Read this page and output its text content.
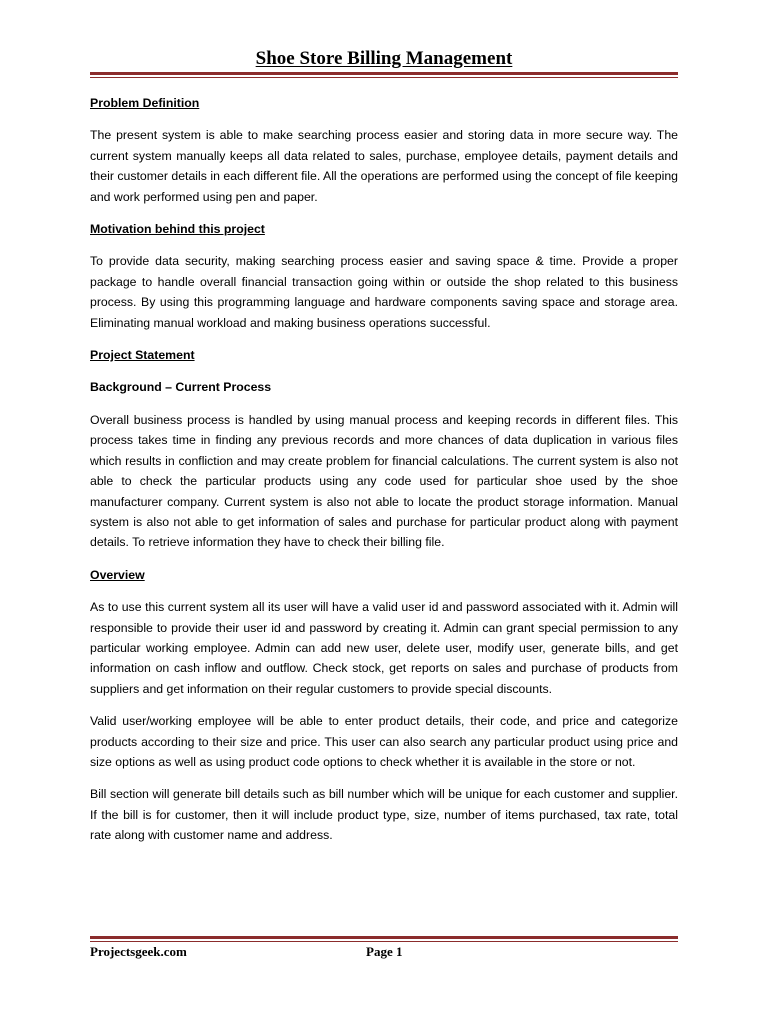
Shoe Store Billing Management

Problem Definition

The present system is able to make searching process easier and storing data in more secure way. The current system manually keeps all data related to sales, purchase, employee details, payment details and their customer details in each different file. All the operations are performed using the concept of file keeping and work performed using pen and paper.

Motivation behind this project

To provide data security, making searching process easier and saving space & time. Provide a proper package to handle overall financial transaction going within or outside the shop related to this business process. By using this programming language and hardware components saving space and storage area. Eliminating manual workload and making business operations successful.

Project Statement

Background – Current Process

Overall business process is handled by using manual process and keeping records in different files. This process takes time in finding any previous records and more chances of data duplication in various files which results in confliction and may create problem for financial calculations. The current system is also not able to check the particular products using any code used for particular shoe used by the shoe manufacturer company. Current system is also not able to locate the product storage information. Manual system is also not able to get information of sales and purchase for particular product along with payment details. To retrieve information they have to check their billing file.

Overview

As to use this current system all its user will have a valid user id and password associated with it. Admin will responsible to provide their user id and password by creating it. Admin can grant special permission to any particular working employee. Admin can add new user, delete user, modify user, generate bills, and get information on cash inflow and outflow. Check stock, get reports on sales and purchase of products from suppliers and get information on their regular customers to provide special discounts.

Valid user/working employee will be able to enter product details, their code, and price and categorize products according to their size and price. This user can also search any particular product using price and size options as well as using product code options to check whether it is available in the store or not.

Bill section will generate bill details such as bill number which will be unique for each customer and supplier. If the bill is for customer, then it will include product type, size, number of items purchased, tax rate, total rate along with customer name and address.

Projectsgeek.com	Page 1
